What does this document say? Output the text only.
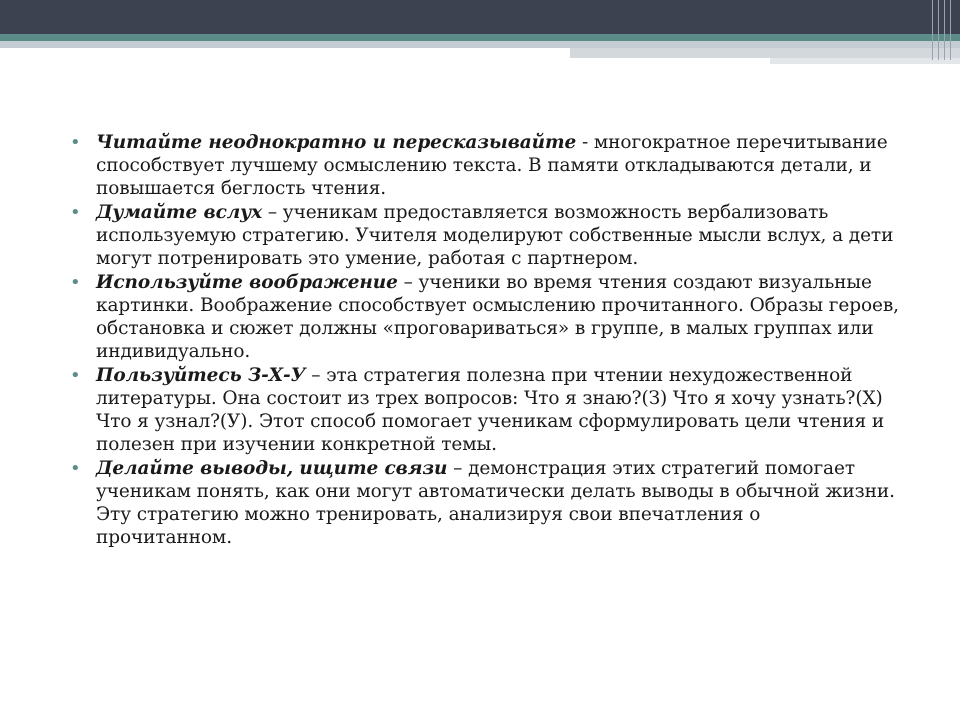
• Читайте неоднократно и пересказывайте - многократное перечитывание способствует лучшему осмыслению текста. В памяти откладываются детали, и повышается беглость чтения.
• Думайте вслух – ученикам предоставляется возможность вербализовать используемую стратегию. Учителя моделируют собственные мысли вслух, а дети могут потренировать это умение, работая с партнером.
• Используйте воображение – ученики во время чтения создают визуальные картинки. Воображение способствует осмыслению прочитанного. Образы героев, обстановка и сюжет должны «проговариваться» в группе, в малых группах или индивидуально.
• Пользуйтесь З-Х-У – эта стратегия полезна при чтении нехудожественной литературы. Она состоит из трех вопросов: Что я знаю?(З) Что я хочу узнать?(Х) Что я узнал?(У). Этот способ помогает ученикам сформулировать цели чтения и полезен при изучении конкретной темы.
• Делайте выводы, ищите связи – демонстрация этих стратегий помогает ученикам понять, как они могут автоматически делать выводы в обычной жизни. Эту стратегию можно тренировать, анализируя свои впечатления о прочитанном.
